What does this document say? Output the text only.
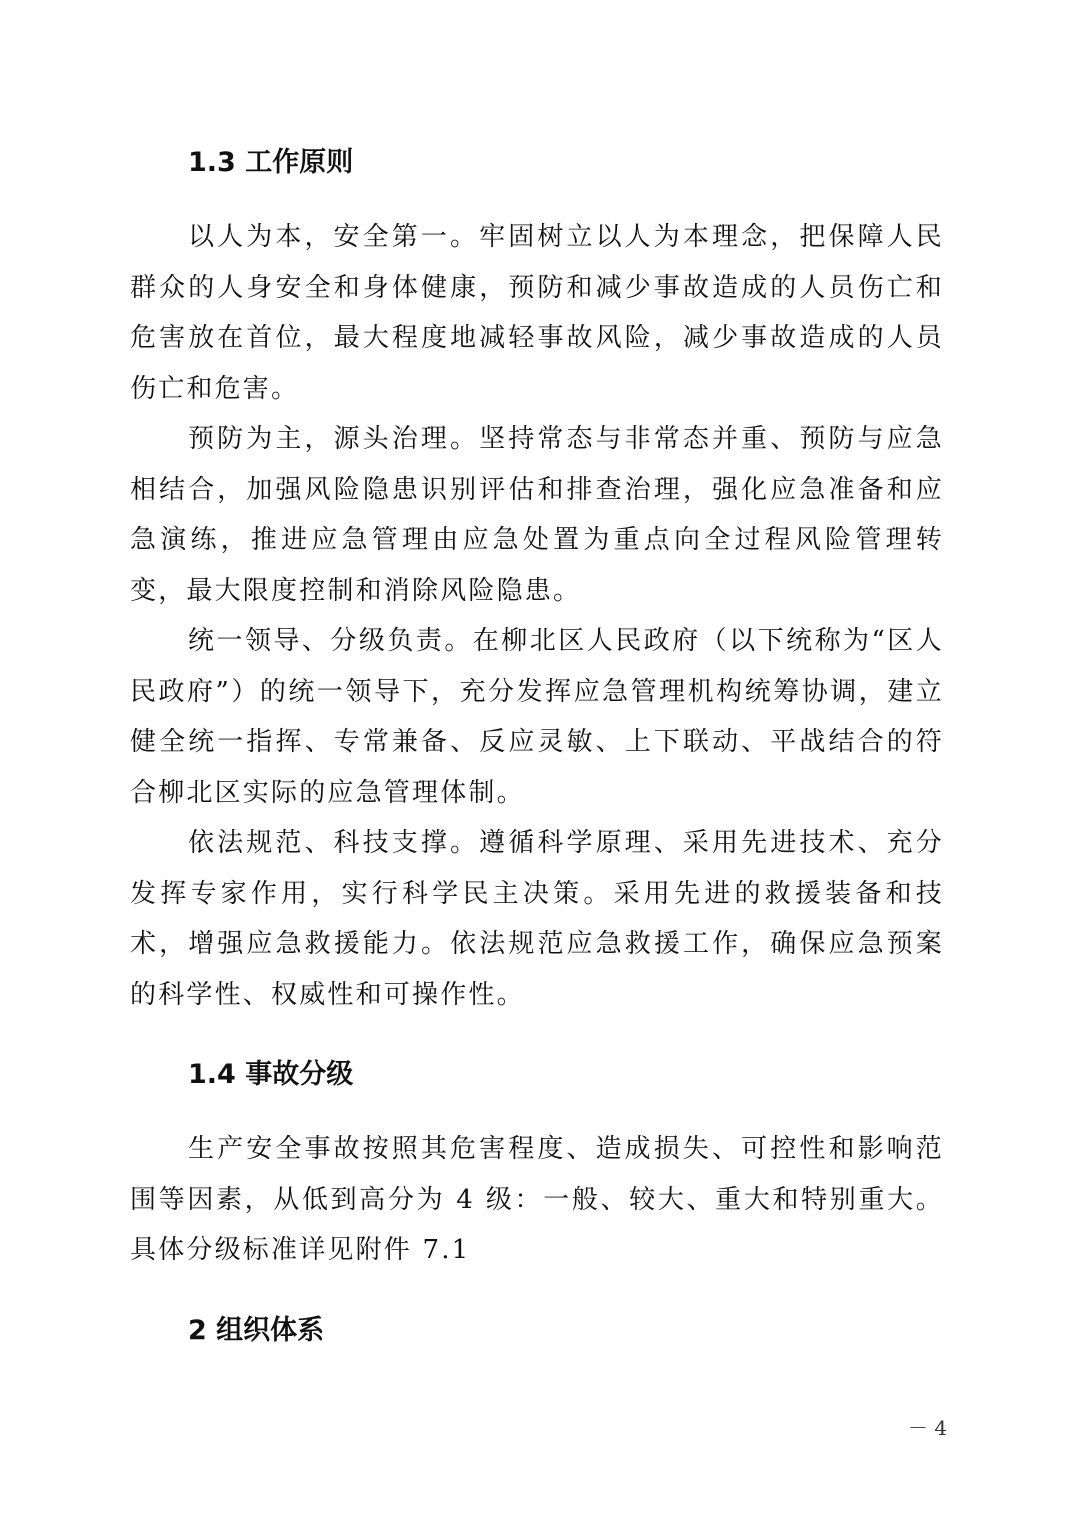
1.3 工作原则

以人为本，安全第一。牢固树立以人为本理念，把保障人民群众的人身安全和身体健康，预防和减少事故造成的人员伤亡和危害放在首位，最大程度地减轻事故风险，减少事故造成的人员伤亡和危害。

预防为主，源头治理。坚持常态与非常态并重、预防与应急相结合，加强风险隐患识别评估和排查治理，强化应急准备和应急演练，推进应急管理由应急处置为重点向全过程风险管理转变，最大限度控制和消除风险隐患。

统一领导、分级负责。在柳北区人民政府（以下统称为“区人民政府”）的统一领导下，充分发挥应急管理机构统筹协调，建立健全统一指挥、专常兼备、反应灵敏、上下联动、平战结合的符合柳北区实际的应急管理体制。

依法规范、科技支撑。遵循科学原理、采用先进技术、充分发挥专家作用，实行科学民主决策。采用先进的救援装备和技术，增强应急救援能力。依法规范应急救援工作，确保应急预案的科学性、权威性和可操作性。

1.4 事故分级

生产安全事故按照其危害程度、造成损失、可控性和影响范围等因素，从低到高分为 4 级：一般、较大、重大和特别重大。具体分级标准详见附件 7.1

2 组织体系
－ 4
